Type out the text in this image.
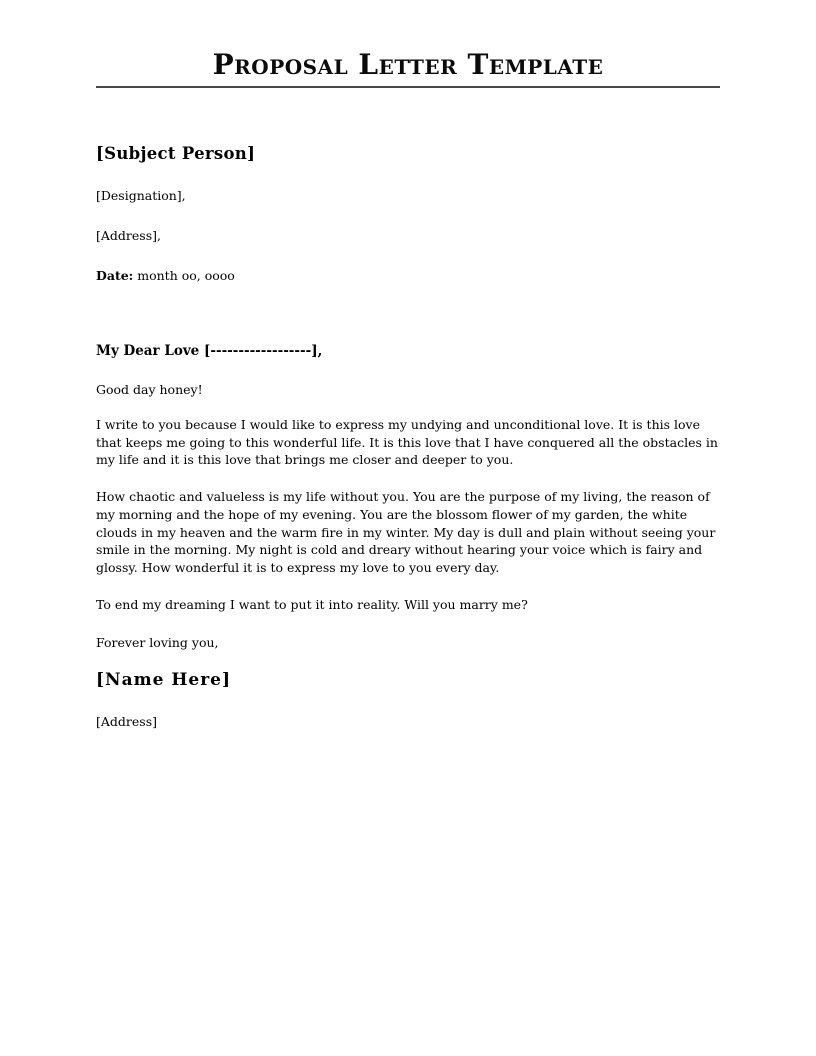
Proposal Letter Template
[Subject Person]
[Designation],
[Address],
Date: month oo, oooo
My Dear Love [------------------],
Good day honey!
I write to you because I would like to express my undying and unconditional love. It is this love that keeps me going to this wonderful life. It is this love that I have conquered all the obstacles in my life and it is this love that brings me closer and deeper to you.
How chaotic and valueless is my life without you. You are the purpose of my living, the reason of my morning and the hope of my evening. You are the blossom flower of my garden, the white clouds in my heaven and the warm fire in my winter. My day is dull and plain without seeing your smile in the morning. My night is cold and dreary without hearing your voice which is fairy and glossy. How wonderful it is to express my love to you every day.
To end my dreaming I want to put it into reality. Will you marry me?
Forever loving you,
[Name Here]
[Address]
